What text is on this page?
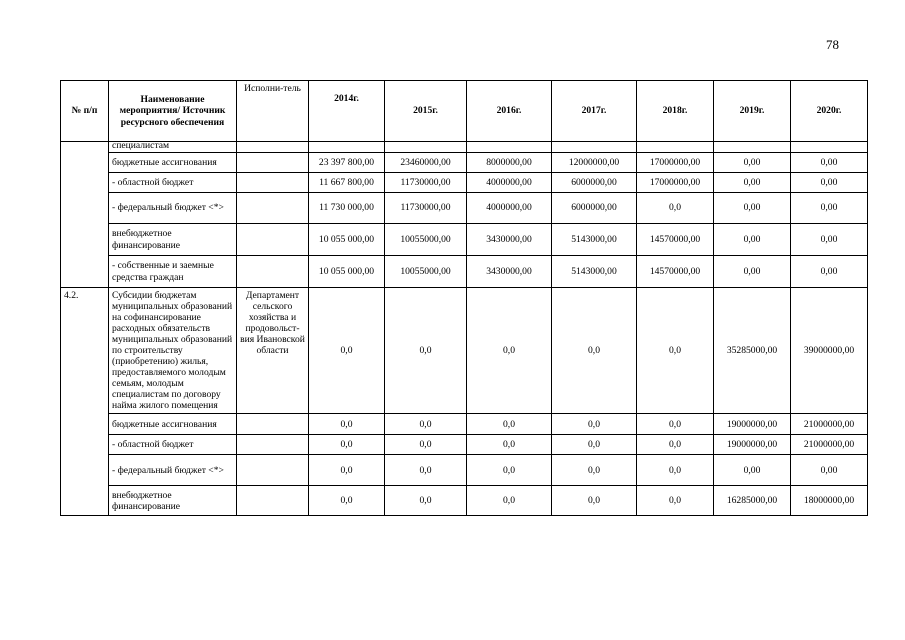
78
№ п/п	Наименование мероприятия/ Источник ресурсного обеспечения	Исполни-тель	2014г.	2015г.	2016г.	2017г.	2018г.	2019г.	2020г.

	специалистам								

	бюджетные ассигнования		23 397 800,00	23460000,00	8000000,00	12000000,00	17000000,00	0,00	0,00
	- областной бюджет		11 667 800,00	11730000,00	4000000,00	6000000,00	17000000,00	0,00	0,00
	- федеральный бюджет <*>		11 730 000,00	11730000,00	4000000,00	6000000,00	0,0	0,00	0,00
	внебюджетное финансирование		10 055 000,00	10055000,00	3430000,00	5143000,00	14570000,00	0,00	0,00
	- собственные и заемные средства граждан		10 055 000,00	10055000,00	3430000,00	5143000,00	14570000,00	0,00	0,00
4.2.	Субсидии бюджетам муниципальных образований на софинансирование расходных обязательств муниципальных образований по строительству (приобретению) жилья, предоставляемого молодым семьям, молодым специалистам по договору найма жилого помещения	Департамент сельского хозяйства и продовольст-вия Ивановской области	0,0	0,0	0,0	0,0	0,0	35285000,00	39000000,00
	бюджетные ассигнования		0,0	0,0	0,0	0,0	0,0	19000000,00	21000000,00
	- областной бюджет		0,0	0,0	0,0	0,0	0,0	19000000,00	21000000,00
	- федеральный бюджет <*>		0,0	0,0	0,0	0,0	0,0	0,00	0,00
	внебюджетное финансирование		0,0	0,0	0,0	0,0	0,0	16285000,00	18000000,00
